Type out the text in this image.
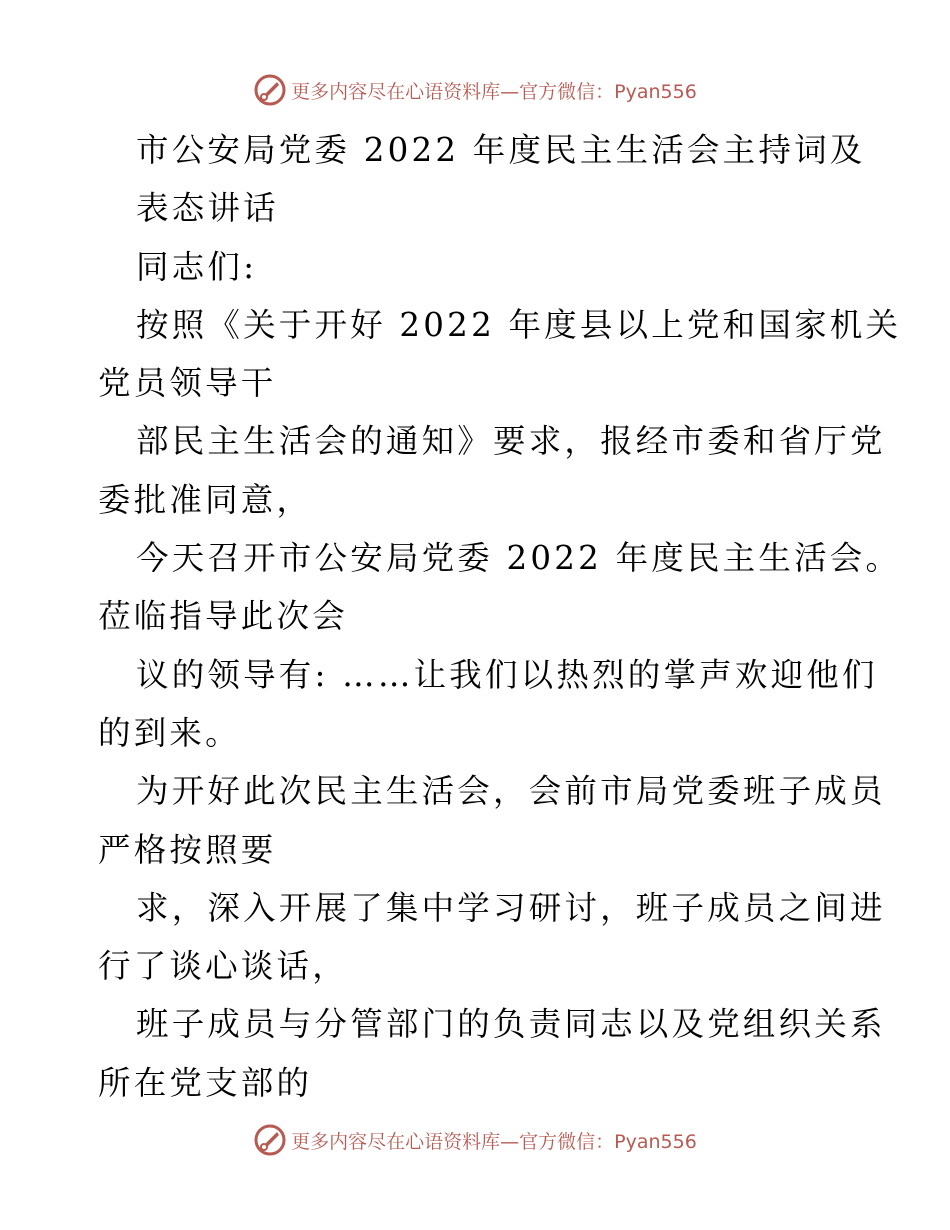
更多内容尽在心语资料库—官方微信：Pyan556
市公安局党委 2022 年度民主生活会主持词及
表态讲话
同志们:
按照《关于开好 2022 年度县以上党和国家机关
党员领导干
部民主生活会的通知》要求，报经市委和省厅党
委批准同意，
今天召开市公安局党委 2022 年度民主生活会。
莅临指导此次会
议的领导有: ……让我们以热烈的掌声欢迎他们
的到来。
为开好此次民主生活会，会前市局党委班子成员
严格按照要
求，深入开展了集中学习研讨，班子成员之间进
行了谈心谈话，
班子成员与分管部门的负责同志以及党组织关系
所在党支部的
更多内容尽在心语资料库—官方微信：Pyan556
